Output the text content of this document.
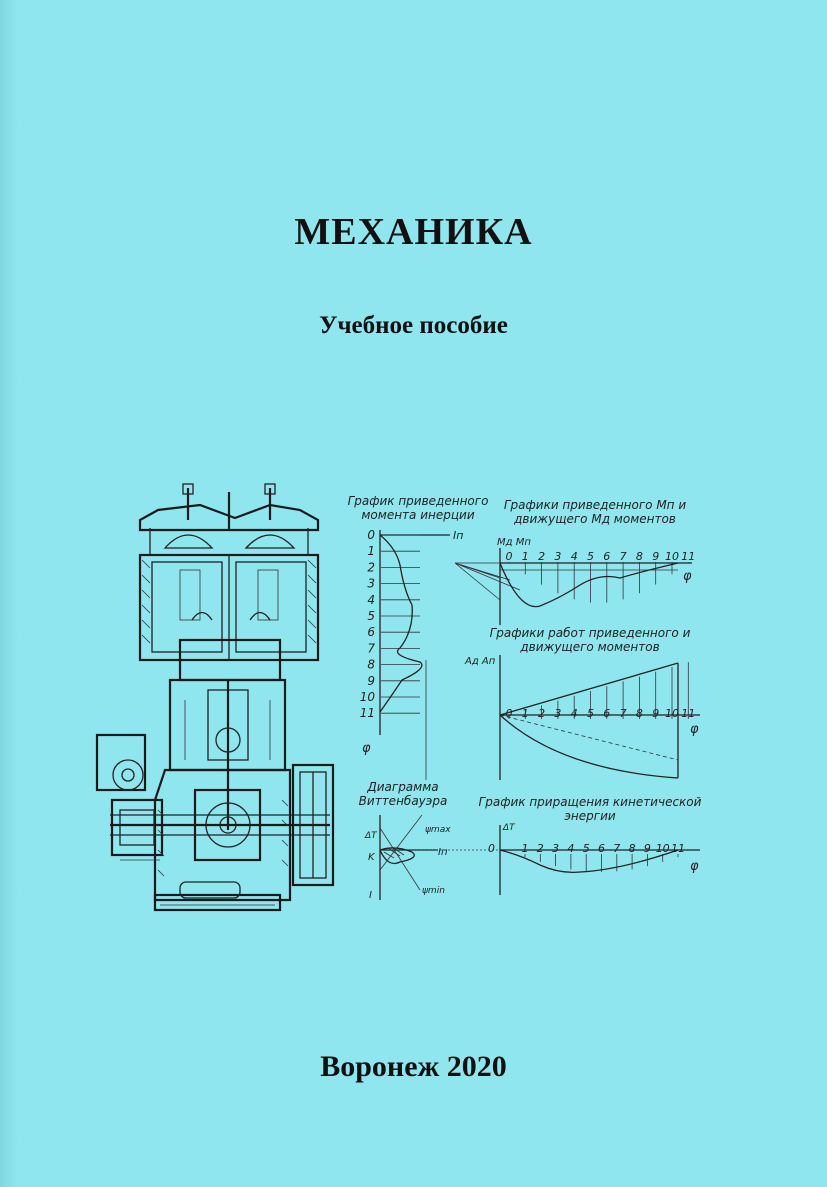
МЕХАНИКА
Учебное пособие
График приведенного
момента инерции
Iп
φ
0
1
2
3
4
5
6
7
8
9
10
11
Графики приведенного Mп и
движущего Mд моментов
Mд Mп
φ
0 1 2 3 4 5 6 7 8 9 10 11
Графики работ приведенного и
движущего моментов
Aд Aп
φ
0 1 2 3 4 5 6 7 8 9 10 11
Диаграмма
Виттенбауэра
ΔT
K
I
Iп
ψmax
ψmin
График приращения кинетической
энергии
ΔT
0
φ
1 2 3 4 5 6 7 8 9 10 11
Воронеж 2020
